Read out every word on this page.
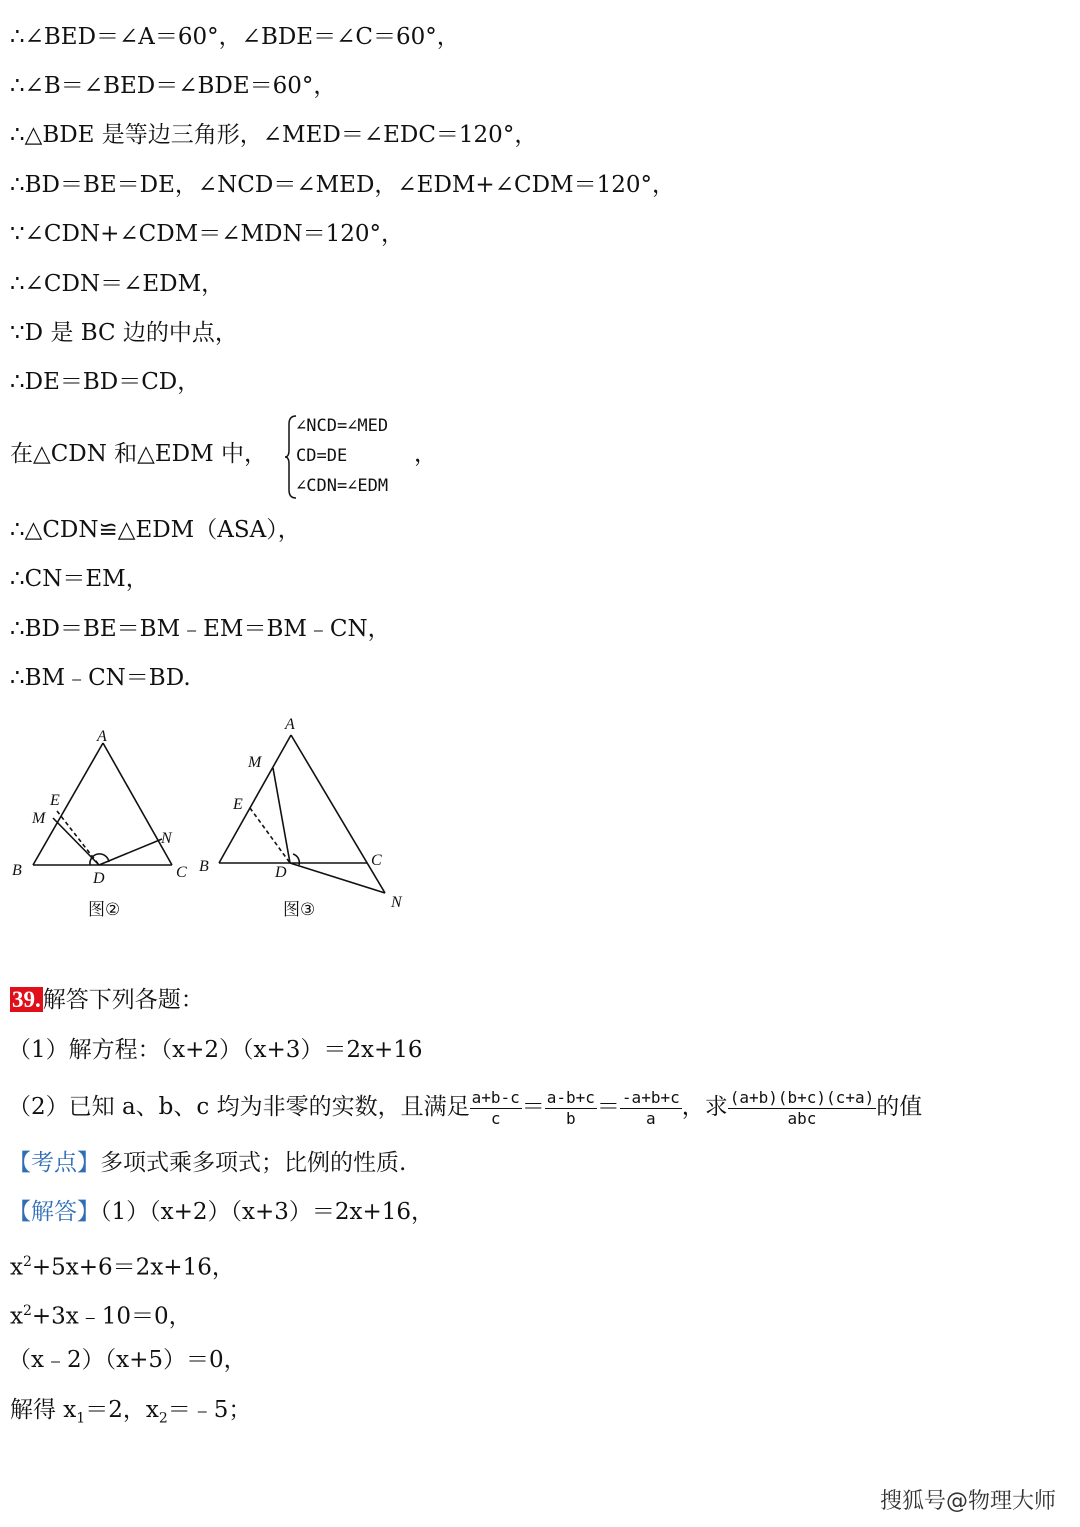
∴∠BED＝∠A＝60°，∠BDE＝∠C＝60°，
∴∠B＝∠BED＝∠BDE＝60°，
∴△BDE 是等边三角形，∠MED＝∠EDC＝120°，
∴BD＝BE＝DE，∠NCD＝∠MED，∠EDM+∠CDM＝120°，
∵∠CDN+∠CDM＝∠MDN＝120°，
∴∠CDN＝∠EDM，
∵D 是 BC 边的中点，
∴DE＝BD＝CD，
在△CDN 和△EDM 中，
∠NCD=∠MED
CD=DE
∠CDN=∠EDM
，
∴△CDN≌△EDM（ASA），
∴CN＝EM，
∴BD＝BE＝BM﹣EM＝BM﹣CN，
∴BM﹣CN＝BD.
A
E
M
N
B	D	C
图②
A
M
E
B	D
C
N
图③
39.解答下列各题：
（1）解方程：（x+2）（x+3）＝2x+16
（2）已知 a、b、c 均为非零的实数，且满足 $\frac{a+b-c}{c} = \frac{a-b+c}{b} = \frac{-a+b+c}{a}$ ，求 $\frac{(a+b)(b+c)(c+a)}{\text{abc}}$ 的值
【考点】多项式乘多项式；比例的性质.
【解答】（1）（x+2）（x+3）＝2x+16，
$x^2+5x+6=2x+16$，
$x^2+3x﹣10=0$，
（x﹣2）（x+5）＝0，
解得 $x_1=2$，$x_2=﹣5$；
搜狐号@物理大师
